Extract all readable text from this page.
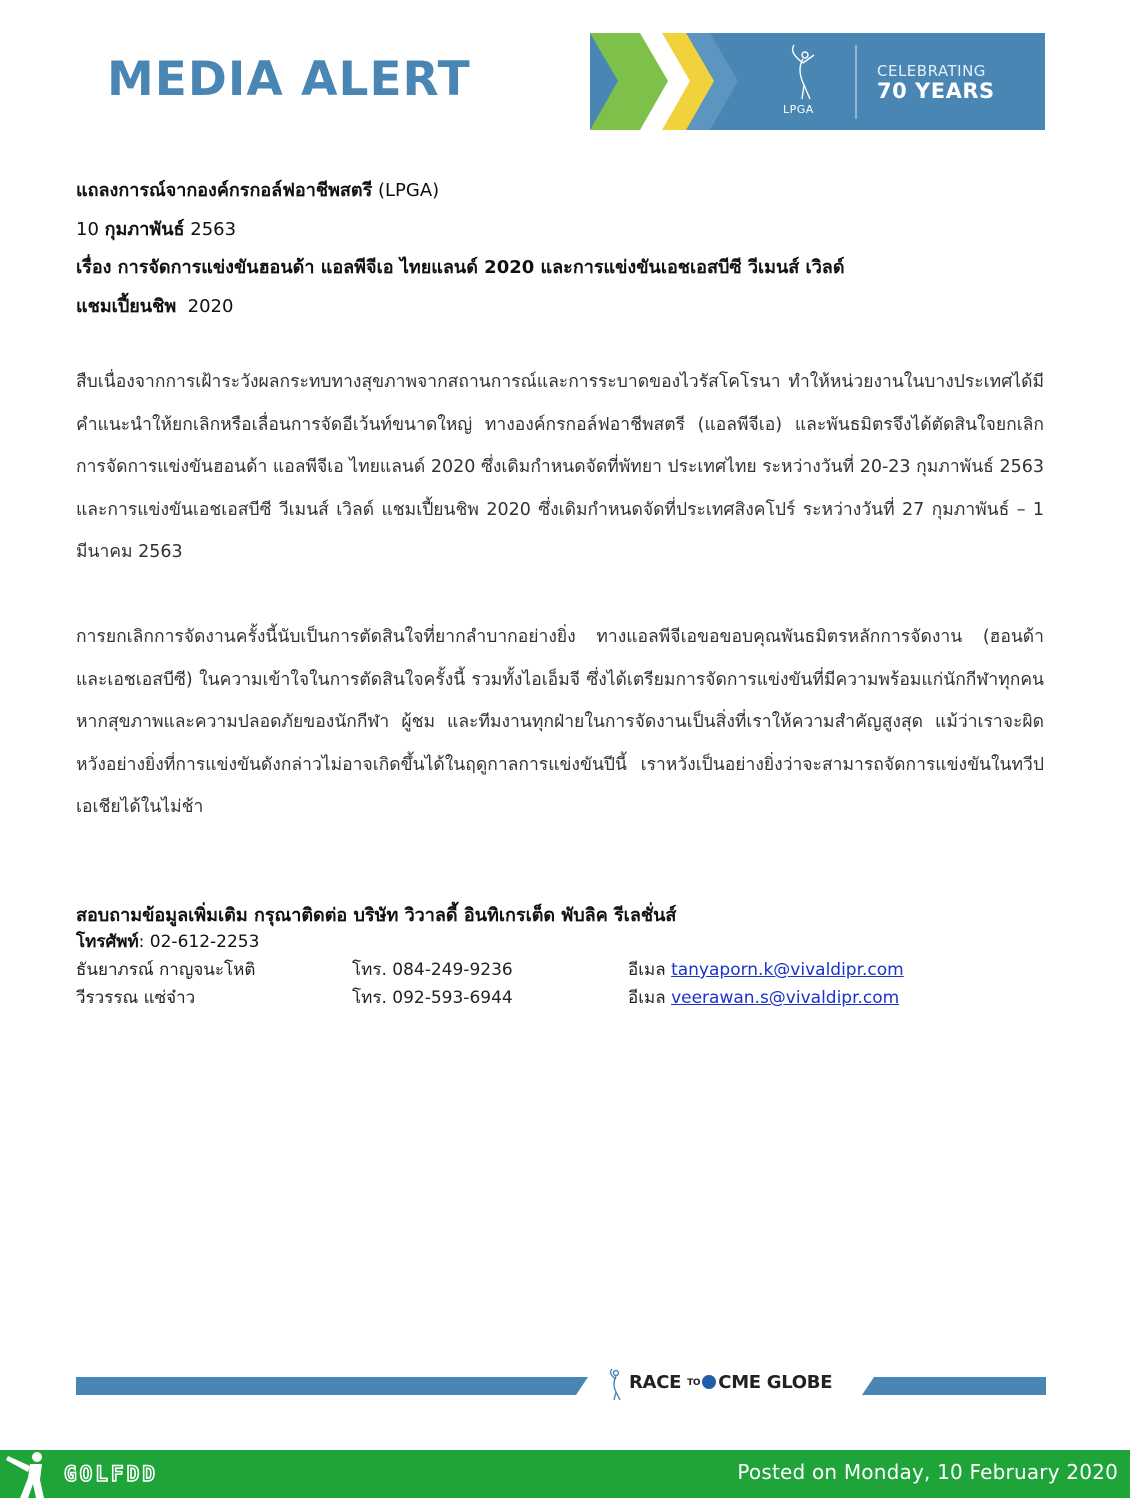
MEDIA ALERT
LPGA
CELEBRATING
70 YEARS
แถลงการณ์จากองค์กรกอล์ฟอาชีพสตรี (LPGA)
10 กุมภาพันธ์ 2563
เรื่อง การจัดการแข่งขันฮอนด้า แอลพีจีเอ ไทยแลนด์ 2020 และการแข่งขันเอชเอสบีซี วีเมนส์ เวิลด์
แชมเปี้ยนชิพ  2020

สืบเนื่องจากการเฝ้าระวังผลกระทบทางสุขภาพจากสถานการณ์และการระบาดของไวรัสโคโรนา ทำให้หน่วยงานในบางประเทศได้มีคำแนะนำให้ยกเลิกหรือเลื่อนการจัดอีเว้นท์ขนาดใหญ่ ทางองค์กรกอล์ฟอาชีพสตรี (แอลพีจีเอ) และพันธมิตรจึงได้ตัดสินใจยกเลิกการจัดการแข่งขันฮอนด้า แอลพีจีเอ ไทยแลนด์ 2020 ซึ่งเดิมกำหนดจัดที่พัทยา ประเทศไทย ระหว่างวันที่ 20-23 กุมภาพันธ์ 2563 และการแข่งขันเอชเอสบีซี วีเมนส์ เวิลด์ แชมเปี้ยนชิพ 2020 ซึ่งเดิมกำหนดจัดที่ประเทศสิงคโปร์ ระหว่างวันที่ 27 กุมภาพันธ์ – 1 มีนาคม 2563

การยกเลิกการจัดงานครั้งนี้นับเป็นการตัดสินใจที่ยากลำบากอย่างยิ่ง ทางแอลพีจีเอขอขอบคุณพันธมิตรหลักการจัดงาน (ฮอนด้าและเอชเอสบีซี) ในความเข้าใจในการตัดสินใจครั้งนี้ รวมทั้งไอเอ็มจี ซึ่งได้เตรียมการจัดการแข่งขันที่มีความพร้อมแก่นักกีฬาทุกคน หากสุขภาพและความปลอดภัยของนักกีฬา ผู้ชม และทีมงานทุกฝ่ายในการจัดงานเป็นสิ่งที่เราให้ความสำคัญสูงสุด แม้ว่าเราจะผิดหวังอย่างยิ่งที่การแข่งขันดังกล่าวไม่อาจเกิดขึ้นได้ในฤดูกาลการแข่งขันปีนี้ เราหวังเป็นอย่างยิ่งว่าจะสามารถจัดการแข่งขันในทวีปเอเชียได้ในไม่ช้า

สอบถามข้อมูลเพิ่มเติม กรุณาติดต่อ บริษัท วิวาลดี้ อินทิเกรเต็ด พับลิค รีเลชั่นส์
โทรศัพท์: 02-612-2253
ธันยาภรณ์ กาญจนะโหติ	โทร. 084-249-9236	อีเมล tanyaporn.k@vivaldipr.com
วีรวรรณ แซ่จ๋าว	โทร. 092-593-6944	อีเมล veerawan.s@vivaldipr.com
RACE TO CME GLOBE
GOLFDD	Posted on Monday, 10 February 2020
